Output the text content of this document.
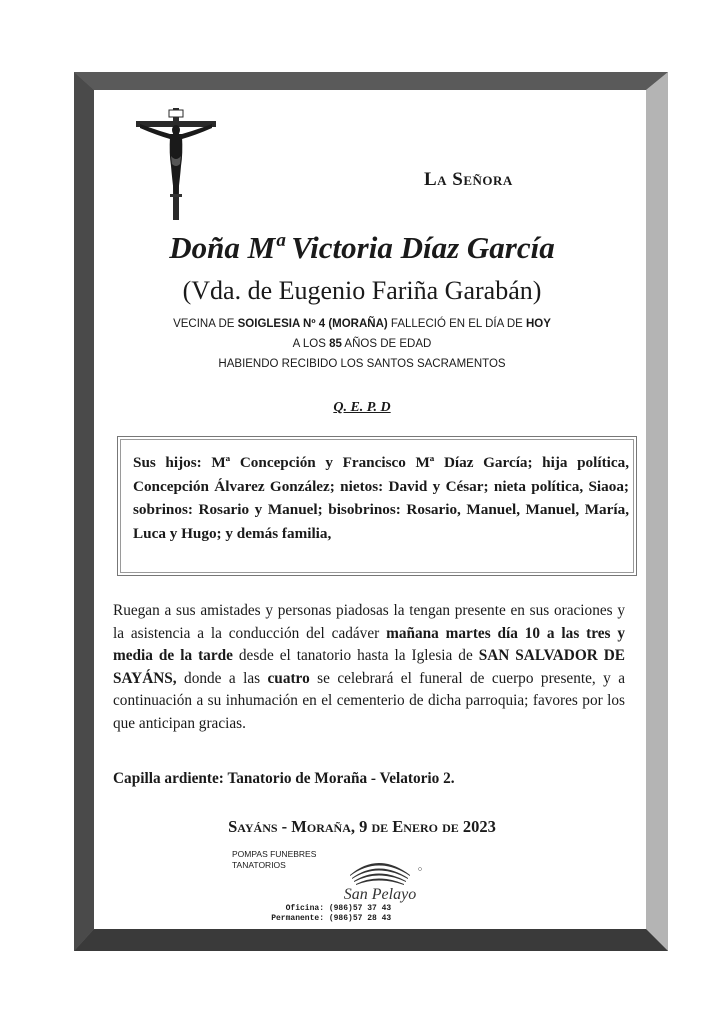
La Señora
Doña Mª Victoria Díaz García
(Vda. de Eugenio Fariña Garabán)
VECINA DE SOIGLESIA Nº 4 (MORAÑA) FALLECIÓ EN EL DÍA DE HOY
A LOS 85 AÑOS DE EDAD
HABIENDO RECIBIDO LOS SANTOS SACRAMENTOS
Q. E. P. D
Sus hijos: Mª Concepción y Francisco Mª Díaz García; hija política, Concepción Álvarez González; nietos: David y César; nieta política, Siaoa; sobrinos: Rosario y Manuel; bisobrinos: Rosario, Manuel, Manuel, María, Luca y Hugo; y demás familia,
Ruegan a sus amistades y personas piadosas la tengan presente en sus oraciones y la asistencia a la conducción del cadáver mañana martes día 10 a las tres y media de la tarde desde el tanatorio hasta la Iglesia de SAN SALVADOR DE SAYÁNS, donde a las cuatro se celebrará el funeral de cuerpo presente, y a continuación a su inhumación en el cementerio de dicha parroquia; favores por los que anticipan gracias.
Capilla ardiente: Tanatorio de Moraña - Velatorio 2.
Sayáns - Moraña, 9 de Enero de 2023
POMPAS FUNEBRES
TANATORIOS
San Pelayo
Oficina: (986)57 37 43
Permanente: (986)57 28 43
